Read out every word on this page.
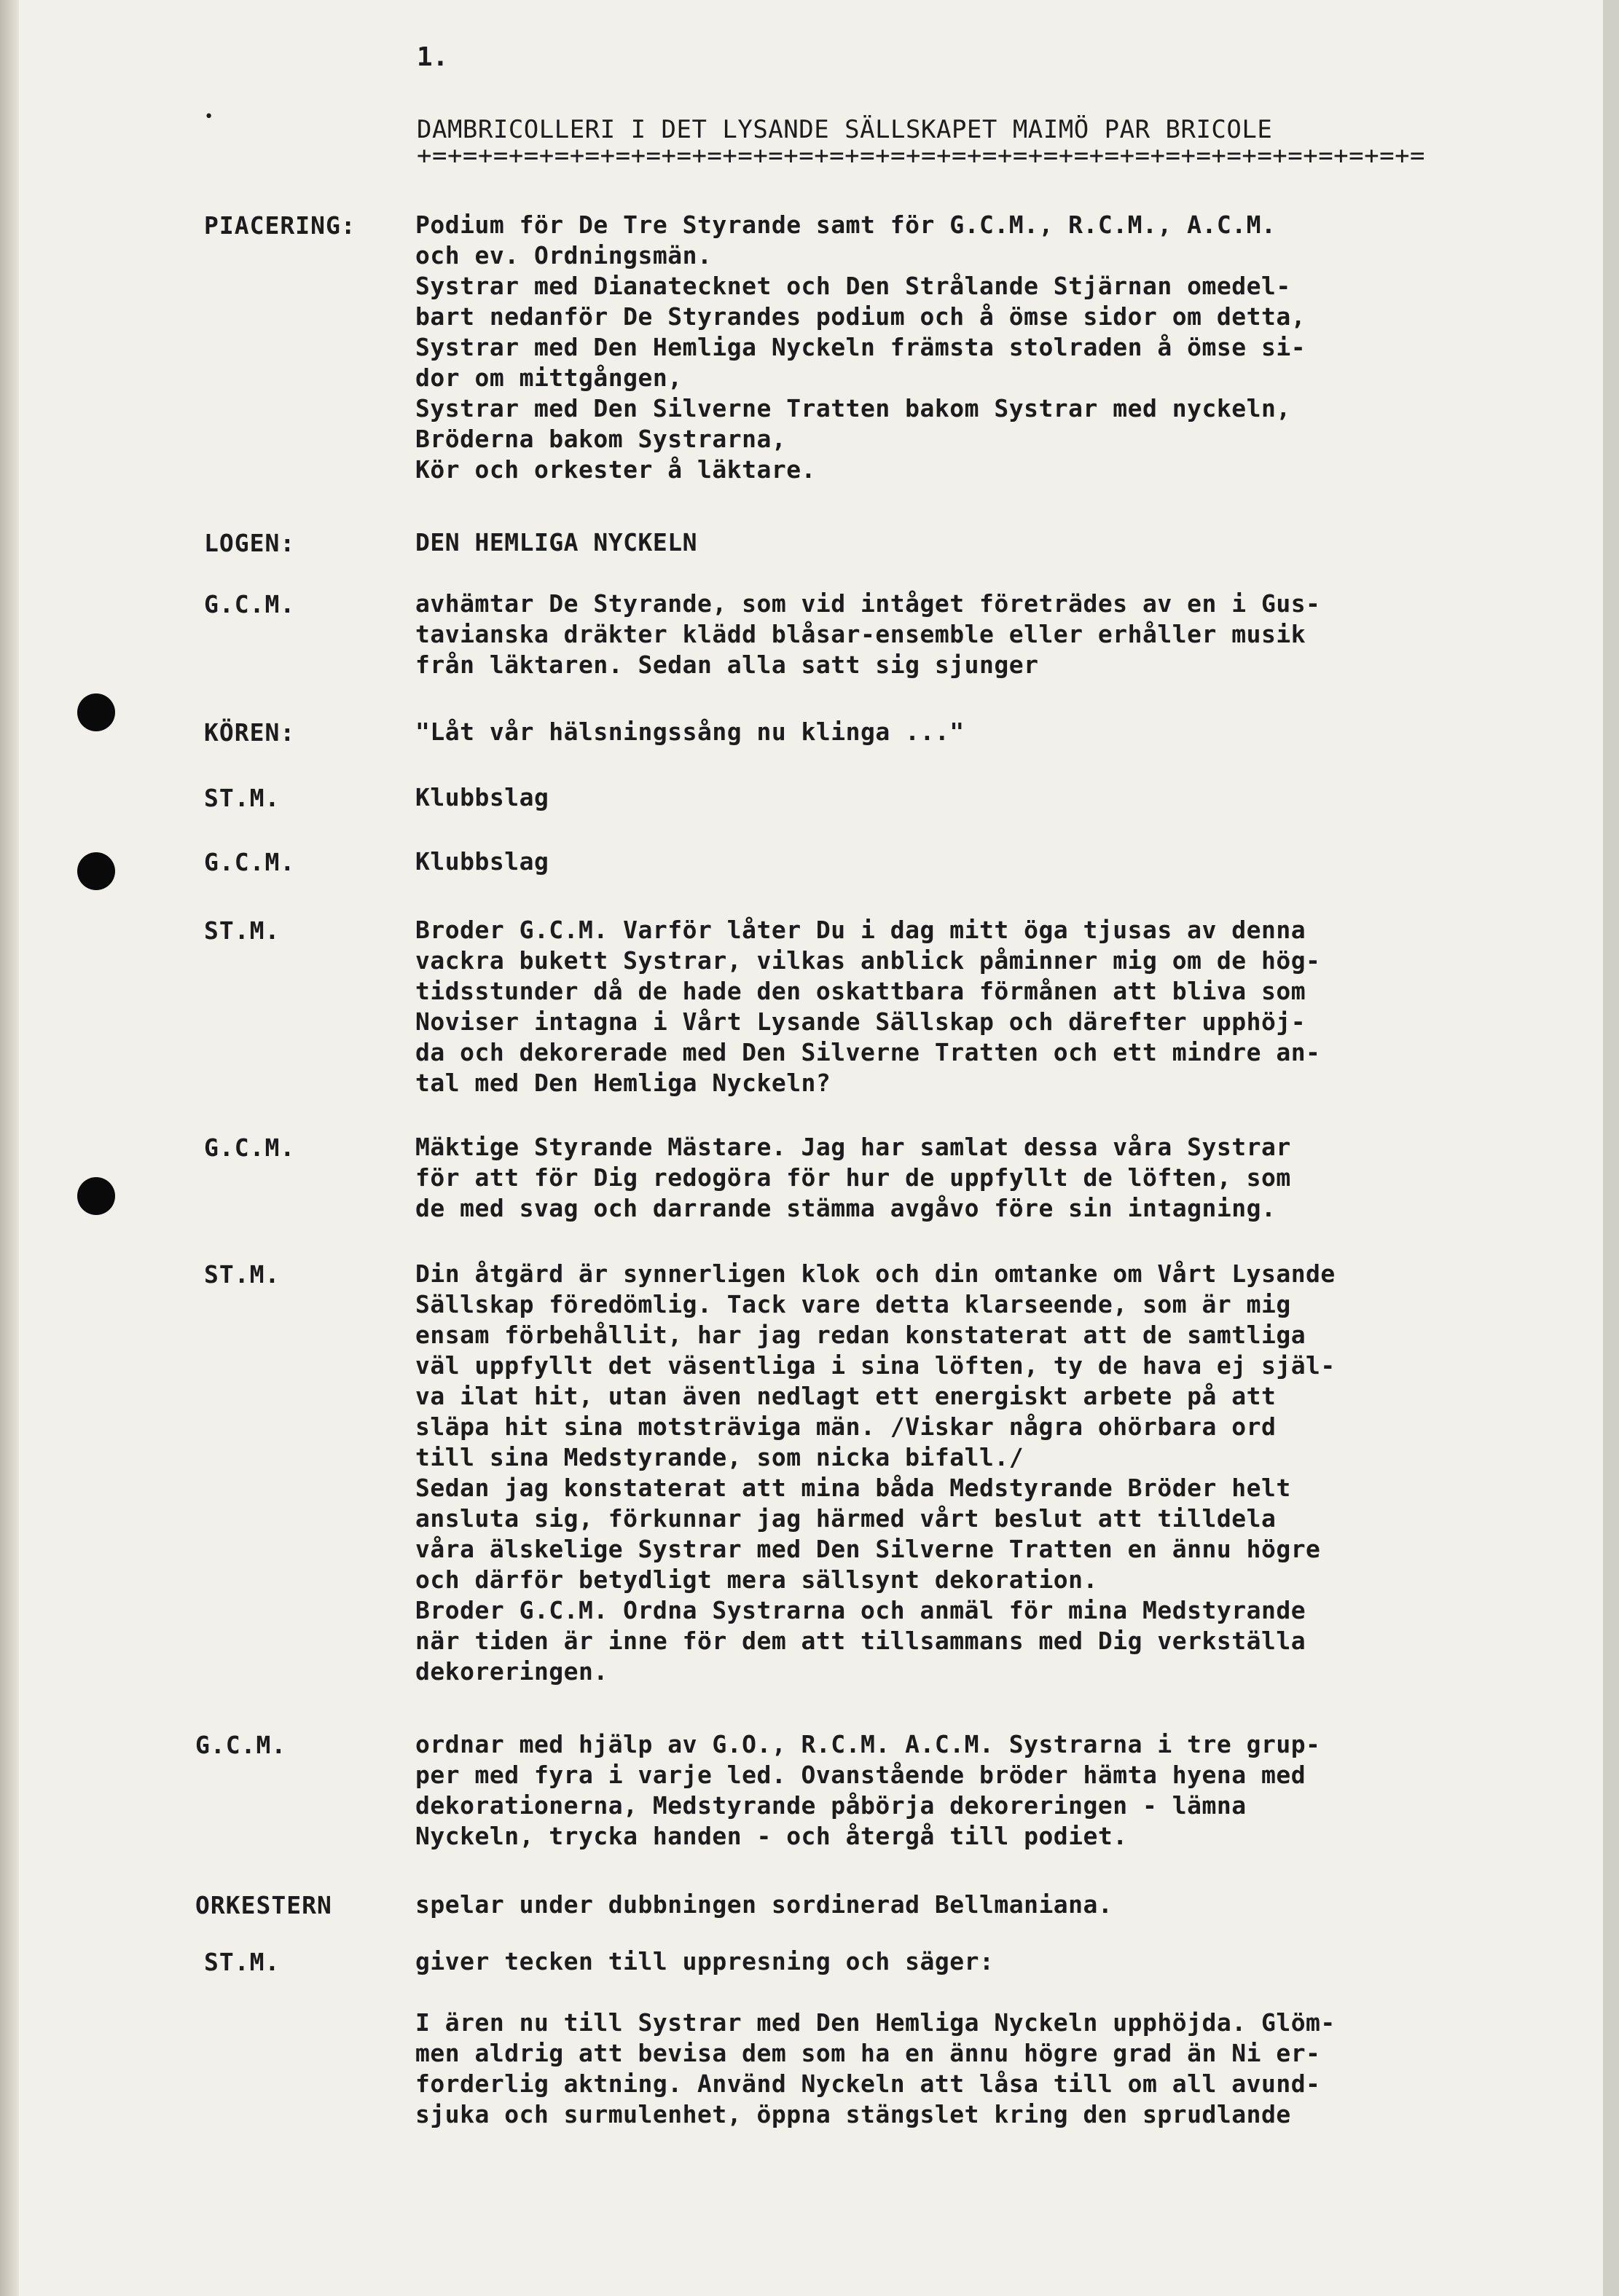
•
1.
DAMBRICOLLERI I DET LYSANDE SÄLLSKAPET MAIMÖ PAR BRICOLE
+=+=+=+=+=+=+=+=+=+=+=+=+=+=+=+=+=+=+=+=+=+=+=+=+=+=+=+=+=+=+=+=+=
PIACERING: Podium för De Tre Styrande samt för G.C.M., R.C.M., A.C.M.
och ev. Ordningsmän.
Systrar med Dianatecknet och Den Strålande Stjärnan omedel-
bart nedanför De Styrandes podium och å ömse sidor om detta,
Systrar med Den Hemliga Nyckeln främsta stolraden å ömse si-
dor om mittgången,
Systrar med Den Silverne Tratten bakom Systrar med nyckeln,
Bröderna bakom Systrarna,
Kör och orkester å läktare.
LOGEN:	DEN HEMLIGA NYCKELN
G.C.M.	avhämtar De Styrande, som vid intåget företrädes av en i Gus-
tavianska dräkter klädd blåsar-ensemble eller erhåller musik
från läktaren. Sedan alla satt sig sjunger
KÖREN:	"Låt vår hälsningssång nu klinga ..."
ST.M.	Klubbslag
G.C.M.	Klubbslag
ST.M.	Broder G.C.M. Varför låter Du i dag mitt öga tjusas av denna
vackra bukett Systrar, vilkas anblick påminner mig om de hög-
tidsstunder då de hade den oskattbara förmånen att bliva som
Noviser intagna i Vårt Lysande Sällskap och därefter upphöj-
da och dekorerade med Den Silverne Tratten och ett mindre an-
tal med Den Hemliga Nyckeln?
G.C.M.	Mäktige Styrande Mästare. Jag har samlat dessa våra Systrar
för att för Dig redogöra för hur de uppfyllt de löften, som
de med svag och darrande stämma avgåvo före sin intagning.
ST.M.	Din åtgärd är synnerligen klok och din omtanke om Vårt Lysande
Sällskap föredömlig. Tack vare detta klarseende, som är mig
ensam förbehållit, har jag redan konstaterat att de samtliga
väl uppfyllt det väsentliga i sina löften, ty de hava ej själ-
va ilat hit, utan även nedlagt ett energiskt arbete på att
släpa hit sina motsträviga män. /Viskar några ohörbara ord
till sina Medstyrande, som nicka bifall./
Sedan jag konstaterat att mina båda Medstyrande Bröder helt
ansluta sig, förkunnar jag härmed vårt beslut att tilldela
våra älskelige Systrar med Den Silverne Tratten en ännu högre
och därför betydligt mera sällsynt dekoration.
Broder G.C.M. Ordna Systrarna och anmäl för mina Medstyrande
när tiden är inne för dem att tillsammans med Dig verkställa
dekoreringen.
G.C.M.	ordnar med hjälp av G.O., R.C.M. A.C.M. Systrarna i tre grup-
per med fyra i varje led. Ovanstående bröder hämta hyena med
dekorationerna, Medstyrande påbörja dekoreringen - lämna
Nyckeln, trycka handen - och återgå till podiet.
ORKESTERN	spelar under dubbningen sordinerad Bellmaniana.
ST.M.	giver tecken till uppresning och säger:
I ären nu till Systrar med Den Hemliga Nyckeln upphöjda. Glöm-
men aldrig att bevisa dem som ha en ännu högre grad än Ni er-
forderlig aktning. Använd Nyckeln att låsa till om all avund-
sjuka och surmulenhet, öppna stängslet kring den sprudlande
